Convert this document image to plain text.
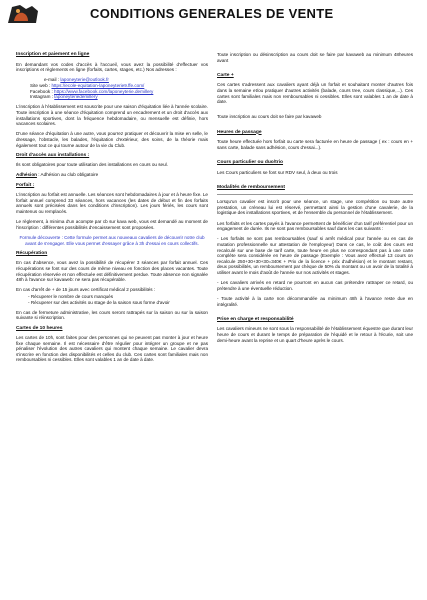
CONDITIONS GENERALES DE VENTE
Inscription et paiement en ligne

En demandant vos codes d'accès à l'accueil, vous avez la possibilité d'effectuer vos inscriptions et règlements en ligne (forfaits, cartes, stages, etc.) Nos adresses :

e-mail : laponeyterie@outlook.fr
Site web : https://ecole-equitation-laponeyterie9.ffe.com/
Facebook : https://www.facebook.com/laponeyterie.demillery
Instagram : laponeyteriedemillery

L'inscription à l'établissement est souscrite pour une saison d'équitation liée à l'année scolaire. Toute inscription à une séance d'équitation comprend un encadrement et un droit d'accès aux installations sportives, dont la fréquence hebdomadaire, ou mensuelle est définie, hors vacances scolaires.

D'une séance d'équitation à une autre, vous pourrez pratiquer et découvrir la mise en selle, le dressage, l'obstacle, les balades, l'équitation d'extérieur, des soins, de la théorie mais également tout ce qui tourne autour de la vie du Club.

Droit d'accès aux installations :

Ils sont obligatoires pour toute utilisation des installations en cours ou seul.

Adhésion : Adhésion au club obligatoire

Forfait :

L'inscription au forfait est annuelle. Les séances sont hebdomadaires à jour et à heure fixe. Le forfait annuel comprend 33 séances, hors vacances (les dates de début et fin des forfaits annuels sont précisées dans les conditions d'inscription). Les jours fériés, les cours sont maintenus ou remplacés.

Le règlement, à minima d'un acompte par cb sur kava web, vous est demandé au moment de l'inscription : différentes possibilités d'encaissement sont proposées.

Formule découverte : Cette formule permet aux nouveaux cavaliers de découvrir notre club avant de s'engager. Elle vous permet d'essayer grâce à 3h d'essai en cours collectifs.

Récupération

En cas d'absence, vous avez la possibilité de récupérer 3 séances par forfait annuel. Ces récupérations se font sur des cours de même niveau en fonction des places vacantes. Toute récupération réservée et non effectuée est définitivement perdue. Toute absence non signalée 48h à l'avance sur kavaweb: ne sera pas récupérable.

En cas d'arrêt de + de 15 jours avec certificat médical 2 possibilités :

- Récuperer le nombre de cours manqués
- Récuperer sur des activités ou stage de la saison sous forme d'avoir

En cas de fermeture administrative, les cours seront rattrapés sur la saison ou sur la saison suivante si réinscription.

Cartes de 10 heures

Les cartes de 10h, sont faites pour des personnes qui ne peuvent pas monter à jour et heure fixe chaque semaine. Il est nécessaire d'être régulier pour intégrer un groupe et ne pas pénaliser l'évolution des autres cavaliers qui montent chaque semaine. Le cavalier devra s'inscrire en fonction des disponibilités et celles du club. Ces cartes sont familiales mais non remboursables ni cessibles. Elles sont valables 1 an de date à date.

Toute inscription ou désinscription au cours doit se faire par kavaweb au minimum 48heures avant

Carte +

Ces cartes s'adressent aux cavaliers ayant déjà un forfait et souhaitant monter d'autres fois dans la semaine et/ou pratiquer d'autres activités (balade, cours tree, cours classique,...). Ces cartes sont familiales mais non remboursables ni cessibles. Elles sont valables 1 an de date à date.

Toute inscription au cours doit se faire par kavaweb

Heures de passage

Toute heure effectuée hors forfait ou carte sera facturée en heure de passage ( ex : cours en + sans carte, balade sans adhésion, cours d'essai...).

Cours particulier ou duo/trio

Les Cours particuliers se font sur RDV seul, à deux ou trois

Modalités de remboursement

Lorsqu'un cavalier est inscrit pour une séance, un stage, une compétition ou toute autre prestation, un créneau lui est réservé, permettant ainsi la gestion d'une cavalerie, de la logistique des installations sportives, et de l'ensemble du personnel de l'établissement.

Les forfaits et les cartes payés à l'avance permettent de bénéficier d'un tarif préférentiel pour un engagement de durée. Ils ne sont pas remboursables sauf dans les cas suivants :

- Les forfaits ne sont pas remboursables (sauf si arrêt médical pour l'année ou en cas de mutation professionnelle sur attestation de l'employeur) Dans ce cas, le coût des cours est recalculé sur une base de tarif carte, toute heure en plus ne correspondant pas à une carte complète sera considérée en heure de passage (Exemple : Vous avez effectué 13 cours on recalcule 250+30+30+30=340€ + Prix de la licence + prix d'adhésion) et le montant restant, deux possibilités, un remboursement par chèque de 50% du montant ou un avoir de la totalité à utiliser avant le mois d'août de l'année sur nos activités et stages.

- Les cavaliers arrivés en retard ne pourront en aucun cas prétendre rattraper ce retard, ou prétendre à une éventuelle réduction.

- Toute activité à la carte non décommandée au minimum 48h à l'avance reste due en intégralité.

Prise en charge et responsabilité

Les cavaliers mineurs ne sont sous la responsabilité de l'établissement équestre que durant leur heure de cours et durant le temps de préparation de l'équidé et le retour à l'écurie, soit une demi-heure avant la reprise et un quart d'heure après le cours.
